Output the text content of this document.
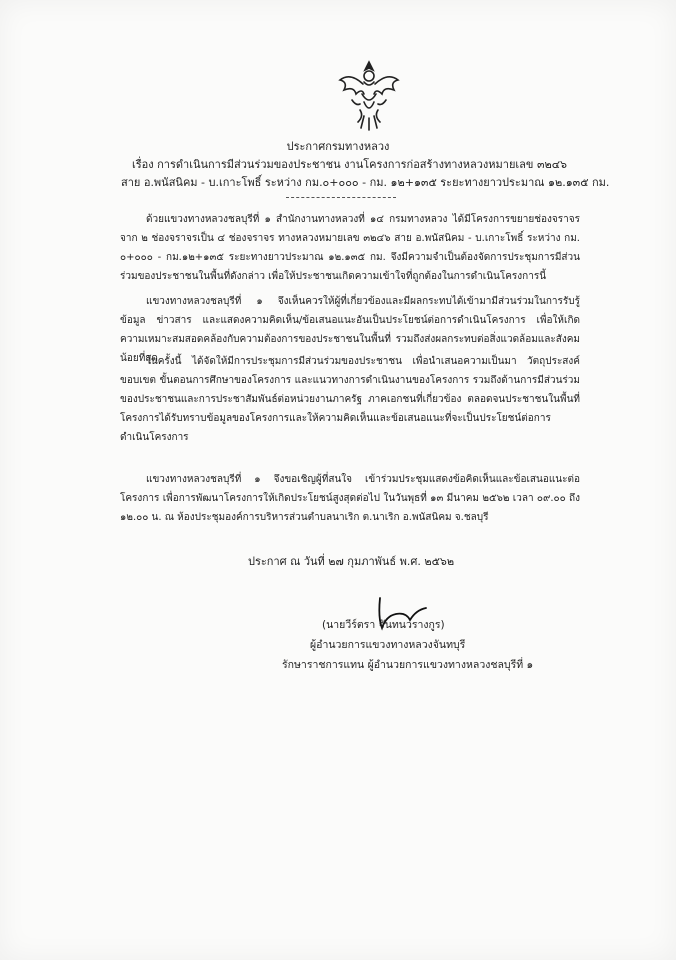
ประกาศกรมทางหลวง
เรื่อง การดำเนินการมีส่วนร่วมของประชาชน งานโครงการก่อสร้างทางหลวงหมายเลข ๓๒๔๖
สาย อ.พนัสนิคม - บ.เกาะโพธิ์ ระหว่าง กม.๐+๐๐๐ - กม. ๑๒+๑๓๕ ระยะทางยาวประมาณ ๑๒.๑๓๕ กม.

ด้วยแขวงทางหลวงชลบุรีที่ ๑ สำนักงานทางหลวงที่ ๑๔ กรมทางหลวง ได้มีโครงการขยายช่องจราจร จาก ๒ ช่องจราจรเป็น ๔ ช่องจราจร ทางหลวงหมายเลข ๓๒๔๖ สาย อ.พนัสนิคม - บ.เกาะโพธิ์ ระหว่าง กม. ๐+๐๐๐ - กม.๑๒+๑๓๕ ระยะทางยาวประมาณ ๑๒.๑๓๕ กม. จึงมีความจำเป็นต้องจัดการประชุมการมีส่วนร่วมของประชาชนในพื้นที่ดังกล่าว เพื่อให้ประชาชนเกิดความเข้าใจที่ถูกต้องในการดำเนินโครงการนี้

แขวงทางหลวงชลบุรีที่ ๑ จึงเห็นควรให้ผู้ที่เกี่ยวข้องและมีผลกระทบได้เข้ามามีส่วนร่วมในการรับรู้ข้อมูล ข่าวสาร และแสดงความคิดเห็น/ข้อเสนอแนะอันเป็นประโยชน์ต่อการดำเนินโครงการ เพื่อให้เกิดความเหมาะสมสอดคล้องกับความต้องการของประชาชนในพื้นที่ รวมถึงส่งผลกระทบต่อสิ่งแวดล้อมและสังคมน้อยที่สุด

ในครั้งนี้ ได้จัดให้มีการประชุมการมีส่วนร่วมของประชาชน เพื่อนำเสนอความเป็นมา วัตถุประสงค์ ขอบเขต ขั้นตอนการศึกษาของโครงการ และแนวทางการดำเนินงานของโครงการ รวมถึงด้านการมีส่วนร่วมของประชาชนและการประชาสัมพันธ์ต่อหน่วยงานภาครัฐ ภาคเอกชนที่เกี่ยวข้อง ตลอดจนประชาชนในพื้นที่โครงการได้รับทราบข้อมูลของโครงการและให้ความคิดเห็นและข้อเสนอแนะที่จะเป็นประโยชน์ต่อการดำเนินโครงการ

แขวงทางหลวงชลบุรีที่ ๑ จึงขอเชิญผู้ที่สนใจ เข้าร่วมประชุมแสดงข้อคิดเห็นและข้อเสนอแนะต่อโครงการ เพื่อการพัฒนาโครงการให้เกิดประโยชน์สูงสุดต่อไป ในวันพุธที่ ๑๓ มีนาคม ๒๕๖๒ เวลา ๐๙.๐๐ ถึง ๑๒.๐๐ น. ณ ห้องประชุมองค์การบริหารส่วนตำบลนาเริก ต.นาเริก อ.พนัสนิคม จ.ชลบุรี

ประกาศ ณ วันที่ ๒๗ กุมภาพันธ์ พ.ศ. ๒๕๖๒
(นายวีร์ตรา จันทนวรางกูร)
ผู้อำนวยการแขวงทางหลวงจันทบุรี
รักษาราชการแทน ผู้อำนวยการแขวงทางหลวงชลบุรีที่ ๑
